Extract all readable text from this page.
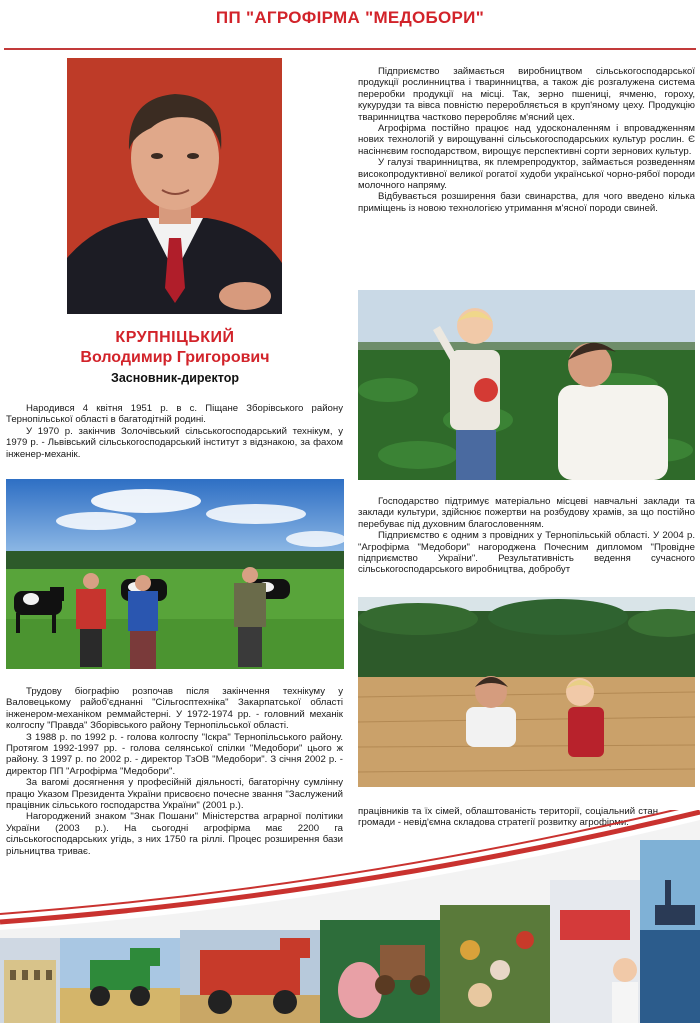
ПП "АГРОФІРМА "МЕДОБОРИ"
КРУПНІЦЬКИЙ
Володимир Григорович
Засновник-директор

Народився 4 квітня 1951 р. в с. Піщане Зборівського району Тернопільської області в багатодітній родині.

У 1970 р. закінчив Золочівський сільськогосподарський технікум, у 1979 р. - Львівський сільськогосподарський інститут з відзнакою, за фахом інженер-механік.

Трудову біографію розпочав після закінчення технікуму у Валовецькому райоб'єднанні "Сільгосптехніка" Закарпатської області інженером-механіком реммайстерні. У 1972-1974 рр. - головний механік колгоспу "Правда" Зборівського району Тернопільської області.

З 1988 р. по 1992 р. - голова колгоспу "Іскра" Тернопільського району. Протягом 1992-1997 рр. - голова селянської спілки "Медобори" цього ж району. З 1997 р. по 2002 р. - директор ТзОВ "Медобори". З січня 2002 р. - директор ПП "Агрофірма "Медобори".

За вагомі досягнення у професійній діяльності, багаторічну сумлінну працю Указом Президента України присвоєно почесне звання "Заслужений працівник сільського господарства України" (2001 р.).

Нагороджений знаком "Знак Пошани" Міністерства аграрної політики України (2003 р.). На сьогодні агрофірма має 2200 га сільськогосподарських угідь, з них 1750 га ріллі. Процес розширення бази рільництва триває.

Підприємство займається виробництвом сільськогосподарської продукції рослинництва і тваринництва, а також діє розгалужена система переробки продукції на місці. Так, зерно пшениці, ячменю, гороху, кукурудзи та вівса повністю переробляється в круп'яному цеху. Продукцію тваринництва частково переробляє м'ясний цех.

Агрофірма постійно працює над удосконаленням і впровадженням нових технологій у вирощуванні сільськогосподарських культур рослин. Є насіннєвим господарством, вирощує перспективні сорти зернових культур.

У галузі тваринництва, як племрепродуктор, займається розведенням високопродуктивної великої рогатої худоби української чорно-рябої породи молочного напряму.

Відбувається розширення бази свинарства, для чого введено кілька приміщень із новою технологією утримання м'ясної породи свиней.

Господарство підтримує матеріально місцеві навчальні заклади та заклади культури, здійснює пожертви на розбудову храмів, за що постійно перебуває під духовним благословенням.

Підприємство є одним з провідних у Тернопільській області. У 2004 р. "Агрофірма "Медобори" нагороджена Почесним дипломом "Провідне підприємство України". Результативність ведення сучасного сільськогосподарського виробництва, добробут

працівників та їх сімей, облаштованість території, соціальний стан громади - невід'ємна складова стратегії розвитку агрофірми.
